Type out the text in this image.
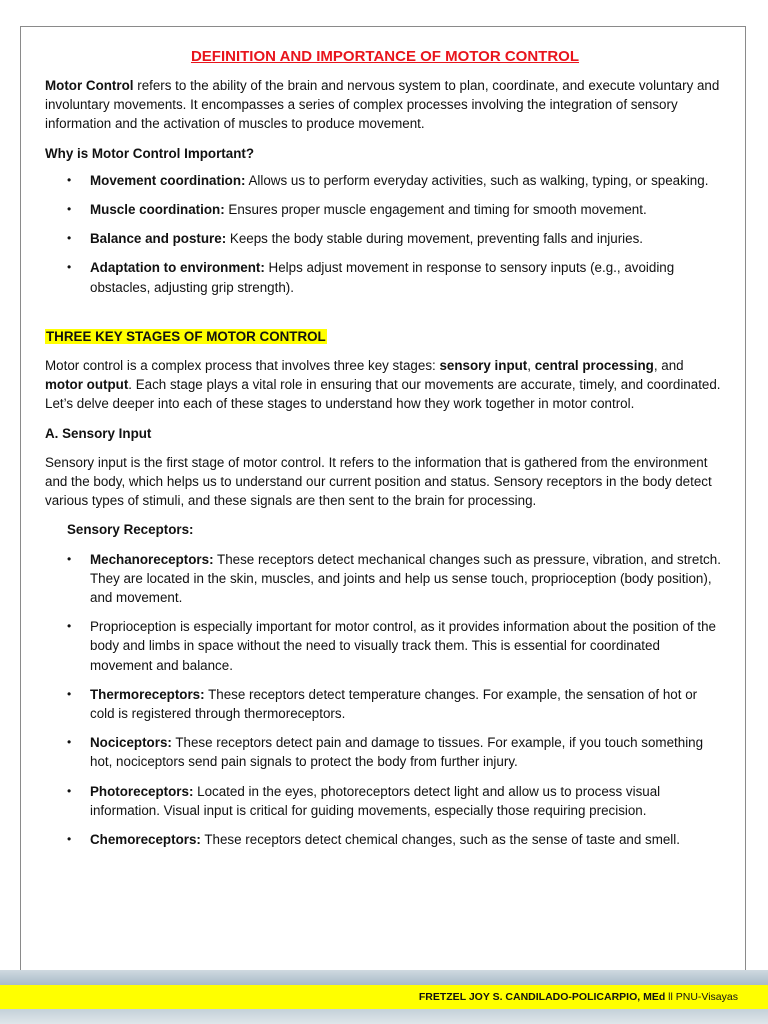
DEFINITION AND IMPORTANCE OF MOTOR CONTROL

Motor Control refers to the ability of the brain and nervous system to plan, coordinate, and execute voluntary and involuntary movements. It encompasses a series of complex processes involving the integration of sensory information and the activation of muscles to produce movement.

Why is Motor Control Important?
• Movement coordination: Allows us to perform everyday activities, such as walking, typing, or speaking.
• Muscle coordination: Ensures proper muscle engagement and timing for smooth movement.
• Balance and posture: Keeps the body stable during movement, preventing falls and injuries.
• Adaptation to environment: Helps adjust movement in response to sensory inputs (e.g., avoiding obstacles, adjusting grip strength).
THREE KEY STAGES OF MOTOR CONTROL

Motor control is a complex process that involves three key stages: sensory input, central processing, and motor output. Each stage plays a vital role in ensuring that our movements are accurate, timely, and coordinated. Let’s delve deeper into each of these stages to understand how they work together in motor control.

A. Sensory Input

Sensory input is the first stage of motor control. It refers to the information that is gathered from the environment and the body, which helps us to understand our current position and status. Sensory receptors in the body detect various types of stimuli, and these signals are then sent to the brain for processing.

Sensory Receptors:
• Mechanoreceptors: These receptors detect mechanical changes such as pressure, vibration, and stretch. They are located in the skin, muscles, and joints and help us sense touch, proprioception (body position), and movement.
• Proprioception is especially important for motor control, as it provides information about the position of the body and limbs in space without the need to visually track them. This is essential for coordinated movement and balance.
• Thermoreceptors: These receptors detect temperature changes. For example, the sensation of hot or cold is registered through thermoreceptors.
• Nociceptors: These receptors detect pain and damage to tissues. For example, if you touch something hot, nociceptors send pain signals to protect the body from further injury.
• Photoreceptors: Located in the eyes, photoreceptors detect light and allow us to process visual information. Visual input is critical for guiding movements, especially those requiring precision.
• Chemoreceptors: These receptors detect chemical changes, such as the sense of taste and smell.
FRETZEL JOY S. CANDILADO-POLICARPIO, MEd ll PNU-Visayas
